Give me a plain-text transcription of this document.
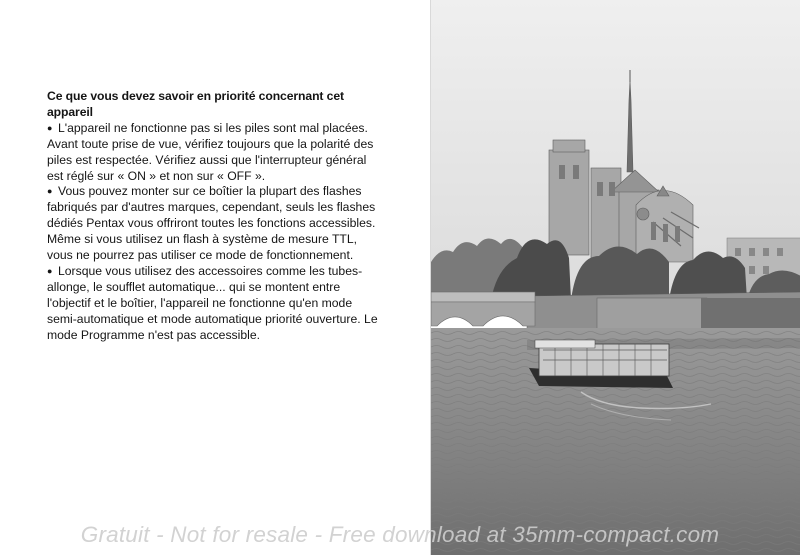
Ce que vous devez savoir en priorité concernant cet appareil

● L'appareil ne fonctionne pas si les piles sont mal placées. Avant toute prise de vue, vérifiez toujours que la polarité des piles est respectée. Vérifiez aussi que l'interrupteur général est réglé sur « ON » et non sur « OFF ».
● Vous pouvez monter sur ce boîtier la plupart des flashes fabriqués par d'autres marques, cependant, seuls les flashes dédiés Pentax vous offriront toutes les fonctions accessibles. Même si vous utilisez un flash à système de mesure TTL, vous ne pourrez pas utiliser ce mode de fonctionnement.
● Lorsque vous utilisez des accessoires comme les tubes-allonge, le soufflet automatique... qui se montent entre l'objectif et le boîtier, l'appareil ne fonctionne qu'en mode semi-automatique et mode automatique priorité ouverture. Le mode Programme n'est pas accessible.
Gratuit - Not for resale - Free download at 35mm-compact.com
